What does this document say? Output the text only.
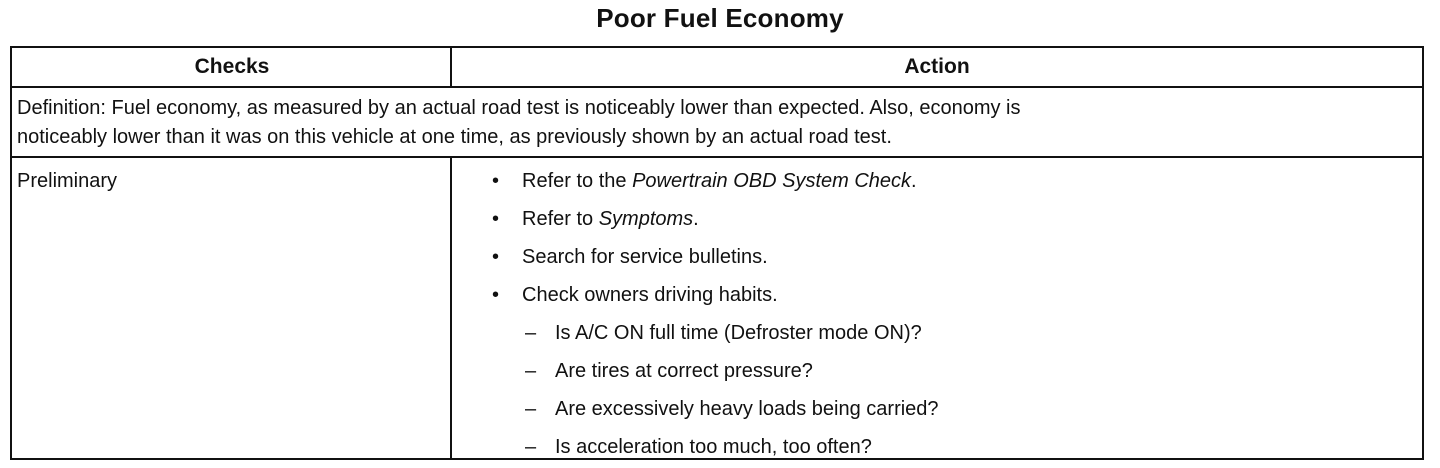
Poor Fuel Economy
Checks	Action
Definition: Fuel economy, as measured by an actual road test is noticeably lower than expected. Also, economy is
noticeably lower than it was on this vehicle at one time, as previously shown by an actual road test.
Preliminary	• Refer to the Powertrain OBD System Check.
• Refer to Symptoms.
• Search for service bulletins.
• Check owners driving habits.
– Is A/C ON full time (Defroster mode ON)?
– Are tires at correct pressure?
– Are excessively heavy loads being carried?
– Is acceleration too much, too often?
